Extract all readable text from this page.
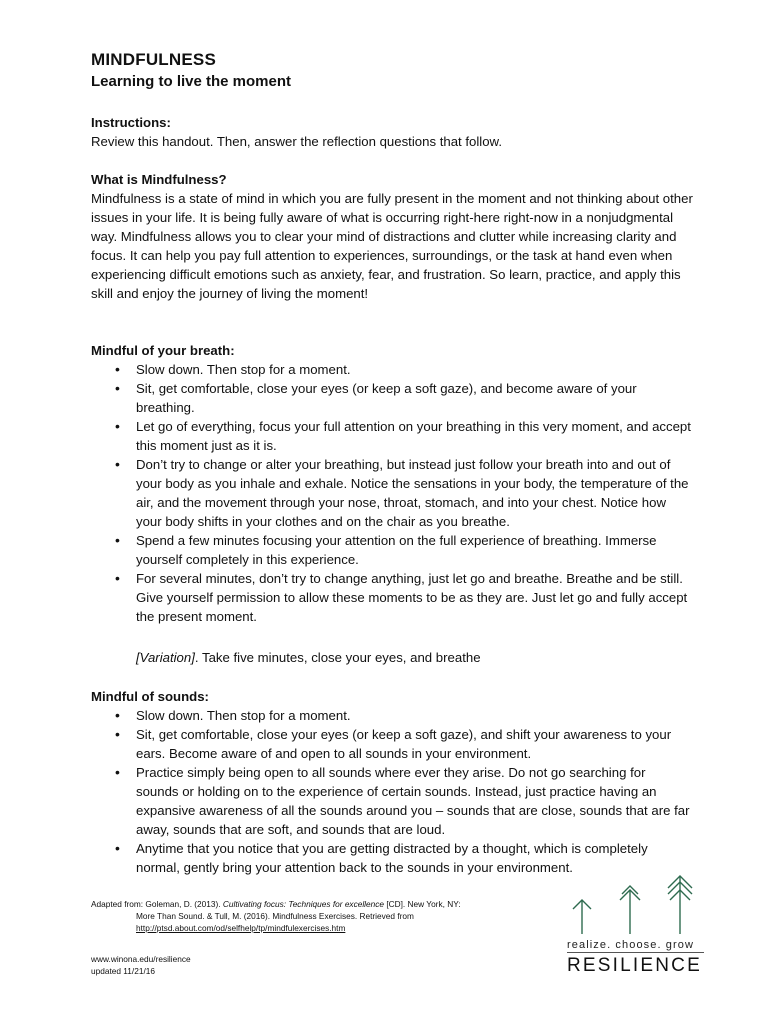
MINDFULNESS
Learning to live the moment
Instructions:
Review this handout. Then, answer the reflection questions that follow.
What is Mindfulness?
Mindfulness is a state of mind in which you are fully present in the moment and not thinking about other issues in your life. It is being fully aware of what is occurring right-here right-now in a nonjudgmental way. Mindfulness allows you to clear your mind of distractions and clutter while increasing clarity and focus. It can help you pay full attention to experiences, surroundings, or the task at hand even when experiencing difficult emotions such as anxiety, fear, and frustration. So learn, practice, and apply this skill and enjoy the journey of living the moment!
Mindful of your breath:
• Slow down. Then stop for a moment.
• Sit, get comfortable, close your eyes (or keep a soft gaze), and become aware of your breathing.
• Let go of everything, focus your full attention on your breathing in this very moment, and accept this moment just as it is.
• Don’t try to change or alter your breathing, but instead just follow your breath into and out of your body as you inhale and exhale. Notice the sensations in your body, the temperature of the air, and the movement through your nose, throat, stomach, and into your chest. Notice how your body shifts in your clothes and on the chair as you breathe.
• Spend a few minutes focusing your attention on the full experience of breathing. Immerse yourself completely in this experience.
• For several minutes, don’t try to change anything, just let go and breathe. Breathe and be still. Give yourself permission to allow these moments to be as they are. Just let go and fully accept the present moment.
[Variation]. Take five minutes, close your eyes, and breathe
Mindful of sounds:
• Slow down. Then stop for a moment.
• Sit, get comfortable, close your eyes (or keep a soft gaze), and shift your awareness to your ears. Become aware of and open to all sounds in your environment.
• Practice simply being open to all sounds where ever they arise. Do not go searching for sounds or holding on to the experience of certain sounds. Instead, just practice having an expansive awareness of all the sounds around you – sounds that are close, sounds that are far away, sounds that are soft, and sounds that are loud.
• Anytime that you notice that you are getting distracted by a thought, which is completely normal, gently bring your attention back to the sounds in your environment.
Adapted from: Goleman, D. (2013). Cultivating focus: Techniques for excellence [CD]. New York, NY:
More Than Sound. & Tull, M. (2016). Mindfulness Exercises. Retrieved from
http://ptsd.about.com/od/selfhelp/tp/mindfulexercises.htm
www.winona.edu/resilience
updated 11/21/16
realize. choose. grow
RESILIENCE
